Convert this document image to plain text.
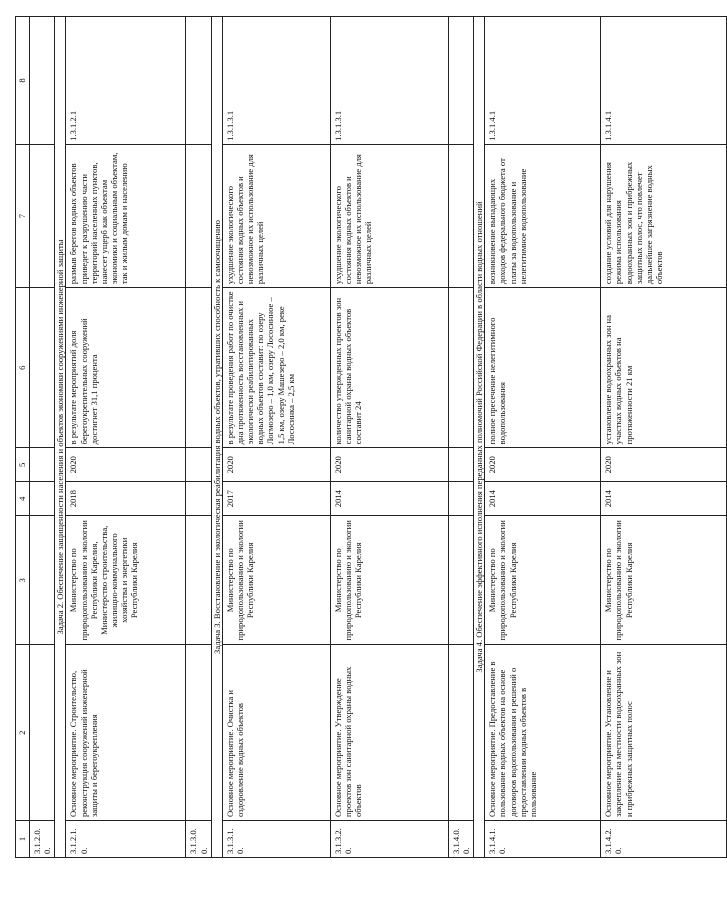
1	2	3	4	5	6	7	8
3.1.2.0.0.							
Задача 2. Обеспечение защищенности населения и объектов экономики сооружениями инженерной защиты							
3.1.2.1.0.	Основное мероприятие. Строительство, реконструкция сооружений инженерной защиты и берегоукрепления	Министерство по природопользованию и экологии Республики Карелия, Министерство строительства, жилищно-коммунального хозяйства и энергетики Республики Карелия	2018	2020	в результате мероприятий доля берегоукрепительных сооружений достигнет 31,1 процента	размыв берегов водных объектов приведет к разрушению части территорий населенных пунктов, нанесет ущерб как объектам экономики и социальным объектам, так и жилым домам и населению	1.3.1.2.1
3.1.3.0.0.							
Задача 3. Восстановление и экологическая реабилитация водных объектов, утративших способность к самоочищению							
3.1.3.1.0.	Основное мероприятие. Очистка и оздоровление водных объектов	Министерство по природопользованию и экологии Республики Карелия	2017	2020	в результате проведения работ по очистке дна протяженность восстановленных и экологически реабилитированных водных объектов составит: по озеру Логмозеро – 1,0 км, озеру Лососинное – 1,5 км, озеру Машезеро – 2,0 км, реке Лососинка – 2,5 км	ухудшение экологического состояния водных объектов и невозможное их использование для различных целей	1.3.1.3.1
3.1.3.2.0.	Основное мероприятие. Утверждение проектов зон санитарной охраны водных объектов	Министерство по природопользованию и экологии Республики Карелия	2014	2020	количество утвержденных проектов зон санитарной охраны водных объектов составит 24	ухудшение экологического состояния водных объектов и невозможное их использование для различных целей	1.3.1.3.1
3.1.4.0.0.							
Задача 4. Обеспечение эффективного исполнения переданных полномочий Российской Федерации в области водных отношений							
3.1.4.1.0.	Основное мероприятие. Предоставление в пользование водных объектов на основе договоров водопользования и решений о предоставлении водных объектов в пользование	Министерство по природопользованию и экологии Республики Карелия	2014	2020	полное пресечение нелегитимного водопользования	возникновение выпадающих доходов федерального бюджета от платы за водопользование и нелегитимное водопользование	1.3.1.4.1
3.1.4.2.0.	Основное мероприятие. Установление и закрепление на местности водоохранных зон и прибрежных защитных полос	Министерство по природопользованию и экологии Республики Карелия	2014	2020	установление водоохранных зон на участках водных объектов на протяженности 21 км	создание условий для нарушения режима использования водоохранных зон и прибрежных защитных полос, что повлечет дальнейшее загрязнение водных объектов	1.3.1.4.1
